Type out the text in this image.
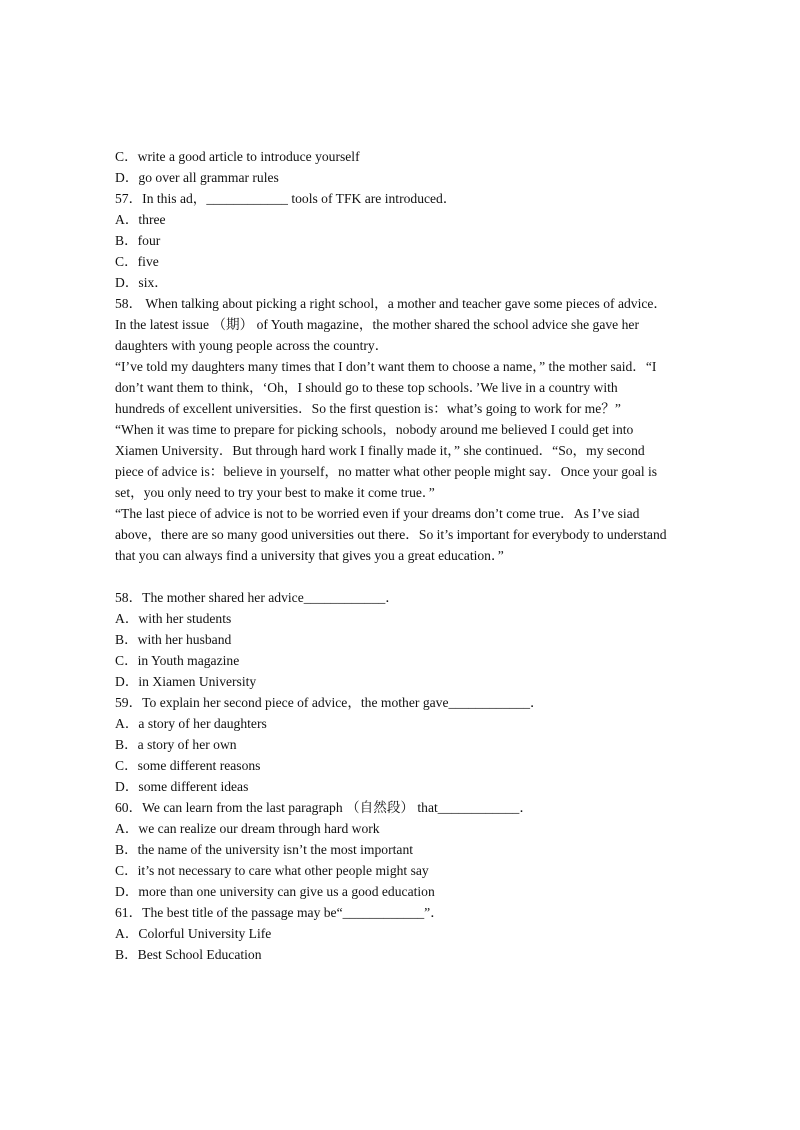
C．write a good article to introduce yourself
D．go over all grammar rules
57．In this ad，____________ tools of TFK are introduced．
A．three
B．four
C．five
D．six．
58． When talking about picking a right school，a mother and teacher gave some pieces of advice．
In the latest issue （期） of Youth magazine，the mother shared the school advice she gave her
daughters with young people across the country．
“I’ve told my daughters many times that I don’t want them to choose a name，” the mother said．“I
don’t want them to think，‘Oh，I should go to these top schools．’We live in a country with
hundreds of excellent universities．So the first question is：what’s going to work for me？”
“When it was time to prepare for picking schools，nobody around me believed I could get into
Xiamen University．But through hard work I finally made it，” she continued．“So，my second
piece of advice is：believe in yourself，no matter what other people might say．Once your goal is
set，you only need to try your best to make it come true．”
“The last piece of advice is not to be worried even if your dreams don’t come true．As I’ve siad
above，there are so many good universities out there．So it’s important for everybody to understand
that you can always find a university that gives you a great education．”
58．The mother shared her advice____________．
A．with her students
B．with her husband
C．in Youth magazine
D．in Xiamen University
59．To explain her second piece of advice，the mother gave____________．
A．a story of her daughters
B．a story of her own
C．some different reasons
D．some different ideas
60．We can learn from the last paragraph （自然段） that____________．
A．we can realize our dream through hard work
B．the name of the university isn’t the most important
C．it’s not necessary to care what other people might say
D．more than one university can give us a good education
61．The best title of the passage may be“____________”．
A．Colorful University Life
B．Best School Education
